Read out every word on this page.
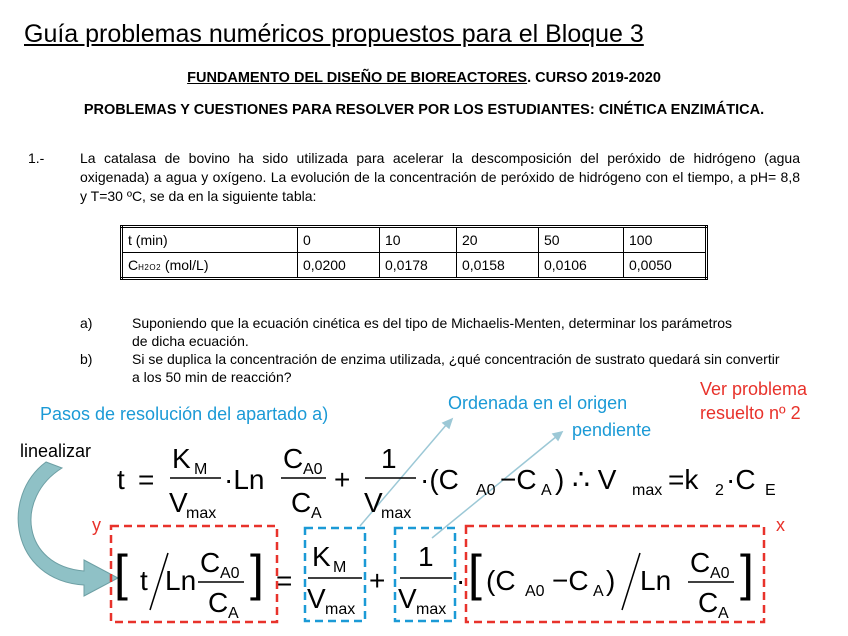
Guía problemas numéricos propuestos para el Bloque 3
FUNDAMENTO DEL DISEÑO DE BIOREACTORES. CURSO 2019-2020
PROBLEMAS Y CUESTIONES PARA RESOLVER POR LOS ESTUDIANTES: CINÉTICA ENZIMÁTICA.
1.-	La catalasa de bovino ha sido utilizada para acelerar la descomposición del peróxido de hidrógeno (agua oxigenada) a agua y oxígeno. La evolución de la concentración de peróxido de hidrógeno con el tiempo, a pH= 8,8 y T=30 ºC, se da en la siguiente tabla:
t (min)	0	10	20	50	100
CH2O2 (mol/L)	0,0200	0,0178	0,0158	0,0106	0,0050
a)	Suponiendo que la ecuación cinética es del tipo de Michaelis-Menten, determinar los parámetros de dicha ecuación.
b)	Si se duplica la concentración de enzima utilizada, ¿qué concentración de sustrato quedará sin convertir a los 50 min de reacción?
Pasos de resolución del apartado a)
Ordenada en el origen
pendiente
Ver problema
resuelto nº 2
linealizar
y	x
t =
K M
V
max
·Ln
C A0
C A
+
1
V
max
·(C A0 −C A ) ∴ V max =k 2 ·C E
[ t Ln
C A0
C A
] =
K M
V max
+
1
V max
· [ (C A0 −C A ) Ln
C A0
C A
]
